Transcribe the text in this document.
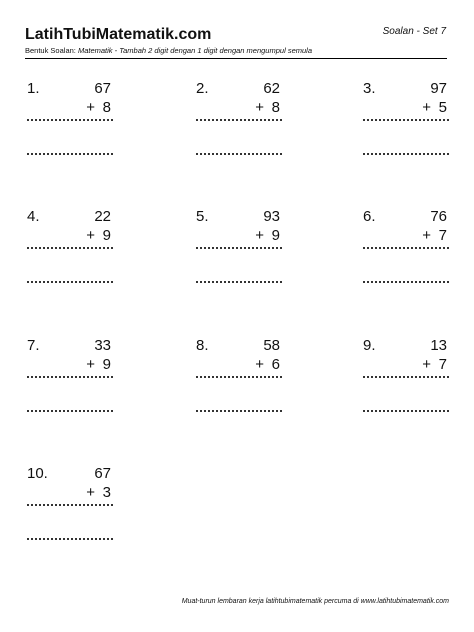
LatihTubiMatematik.com	Soalan - Set 7
Bentuk Soalan: Matematik - Tambah 2 digit dengan 1 digit dengan mengumpul semula
1.	67
+ 8
2.	62
+ 8
3.	97
+ 5
4.	22
+ 9
5.	93
+ 9
6.	76
+ 7
7.	33
+ 9
8.	58
+ 6
9.	13
+ 7
10.	67
+ 3
Muat-turun lembaran kerja latihtubimatematik percuma di www.latihtubimatematik.com
